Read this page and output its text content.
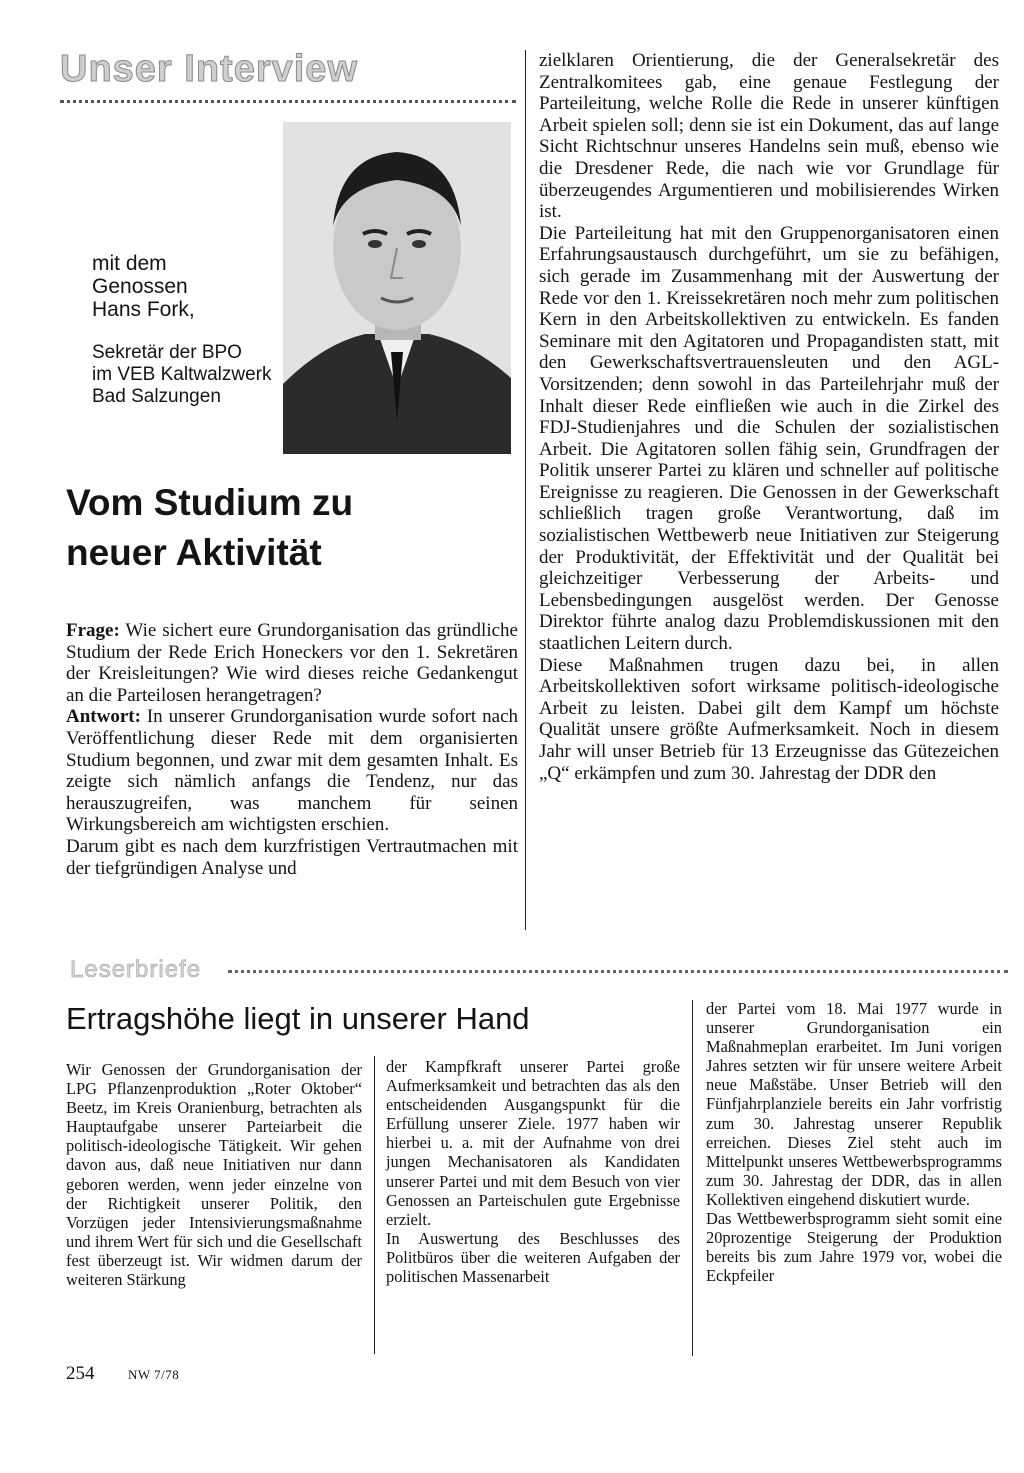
Unser Interview
mit dem
Genossen
Hans Fork,
Sekretär der BPO
im VEB Kaltwalzwerk
Bad Salzungen
Vom Studium zu
neuer Aktivität

Frage: Wie sichert eure Grundorganisation das gründliche Studium der Rede Erich Honeckers vor den 1. Sekretären der Kreisleitungen? Wie wird dieses reiche Gedankengut an die Parteilosen herangetragen?

Antwort: In unserer Grundorganisation wurde sofort nach Veröffentlichung dieser Rede mit dem organisierten Studium begonnen, und zwar mit dem gesamten Inhalt. Es zeigte sich nämlich anfangs die Tendenz, nur das herauszugreifen, was manchem für seinen Wirkungsbereich am wichtigsten erschien.

Darum gibt es nach dem kurzfristigen Vertrautmachen mit der tiefgründigen Analyse und

zielklaren Orientierung, die der Generalsekretär des Zentralkomitees gab, eine genaue Festlegung der Parteileitung, welche Rolle die Rede in unserer künftigen Arbeit spielen soll; denn sie ist ein Dokument, das auf lange Sicht Richtschnur unseres Handelns sein muß, ebenso wie die Dresdener Rede, die nach wie vor Grundlage für überzeugendes Argumentieren und mobilisierendes Wirken ist.

Die Parteileitung hat mit den Gruppenorganisatoren einen Erfahrungsaustausch durchgeführt, um sie zu befähigen, sich gerade im Zusammenhang mit der Auswertung der Rede vor den 1. Kreissekretären noch mehr zum politischen Kern in den Arbeitskollektiven zu entwickeln. Es fanden Seminare mit den Agitatoren und Propagandisten statt, mit den Gewerkschaftsvertrauensleuten und den AGL-Vorsitzenden; denn sowohl in das Parteilehrjahr muß der Inhalt dieser Rede einfließen wie auch in die Zirkel des FDJ-Studienjahres und die Schulen der sozialistischen Arbeit. Die Agitatoren sollen fähig sein, Grundfragen der Politik unserer Partei zu klären und schneller auf politische Ereignisse zu reagieren. Die Genossen in der Gewerkschaft schließlich tragen große Verantwortung, daß im sozialistischen Wettbewerb neue Initiativen zur Steigerung der Produktivität, der Effektivität und der Qualität bei gleichzeitiger Verbesserung der Arbeits- und Lebensbedingungen ausgelöst werden. Der Genosse Direktor führte analog dazu Problemdiskussionen mit den staatlichen Leitern durch.

Diese Maßnahmen trugen dazu bei, in allen Arbeitskollektiven sofort wirksame politisch-ideologische Arbeit zu leisten. Dabei gilt dem Kampf um höchste Qualität unsere größte Aufmerksamkeit. Noch in diesem Jahr will unser Betrieb für 13 Erzeugnisse das Gütezeichen „Q“ erkämpfen und zum 30. Jahrestag der DDR den

Leserbriefe
Ertragshöhe liegt in unserer Hand

Wir Genossen der Grundorganisation der LPG Pflanzenproduktion „Roter Oktober“ Beetz, im Kreis Oranienburg, betrachten als Hauptaufgabe unserer Parteiarbeit die politisch-ideologische Tätigkeit. Wir gehen davon aus, daß neue Initiativen nur dann geboren werden, wenn jeder einzelne von der Richtigkeit unserer Politik, den Vorzügen jeder Intensivierungsmaßnahme und ihrem Wert für sich und die Gesellschaft fest überzeugt ist. Wir widmen darum der weiteren Stärkung

der Kampfkraft unserer Partei große Aufmerksamkeit und betrachten das als den entscheidenden Ausgangspunkt für die Erfüllung unserer Ziele. 1977 haben wir hierbei u. a. mit der Aufnahme von drei jungen Mechanisatoren als Kandidaten unserer Partei und mit dem Besuch von vier Genossen an Parteischulen gute Ergebnisse erzielt.

In Auswertung des Beschlusses des Politbüros über die weiteren Aufgaben der politischen Massenarbeit

der Partei vom 18. Mai 1977 wurde in unserer Grundorganisation ein Maßnahmeplan erarbeitet. Im Juni vorigen Jahres setzten wir für unsere weitere Arbeit neue Maßstäbe. Unser Betrieb will den Fünfjahrplanziele bereits ein Jahr vorfristig zum 30. Jahrestag unserer Republik erreichen. Dieses Ziel steht auch im Mittelpunkt unseres Wettbewerbsprogramms zum 30. Jahrestag der DDR, das in allen Kollektiven eingehend diskutiert wurde.

Das Wettbewerbsprogramm sieht somit eine 20prozentige Steigerung der Produktion bereits bis zum Jahre 1979 vor, wobei die Eckpfeiler

254	NW 7/78
